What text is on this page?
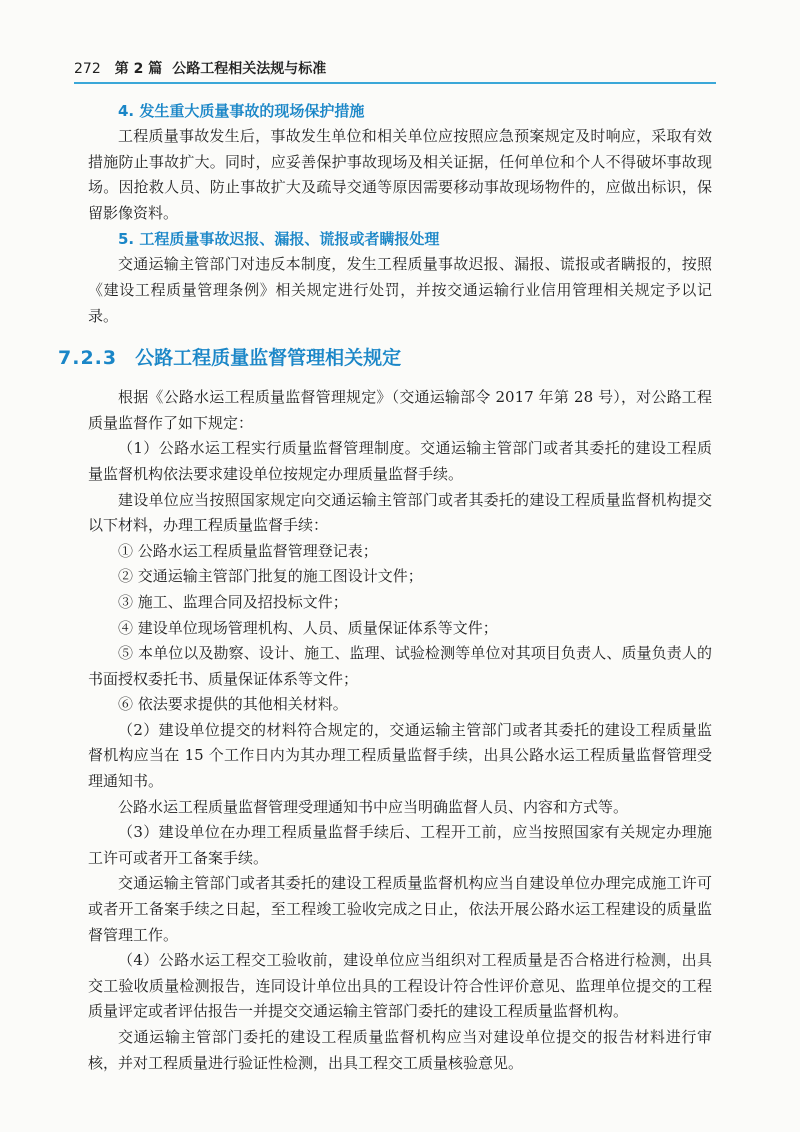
272 第 2 篇 公路工程相关法规与标准
4. 发生重大质量事故的现场保护措施

工程质量事故发生后，事故发生单位和相关单位应按照应急预案规定及时响应，采取有效措施防止事故扩大。同时，应妥善保护事故现场及相关证据，任何单位和个人不得破坏事故现场。因抢救人员、防止事故扩大及疏导交通等原因需要移动事故现场物件的，应做出标识，保留影像资料。

5. 工程质量事故迟报、漏报、谎报或者瞒报处理

交通运输主管部门对违反本制度，发生工程质量事故迟报、漏报、谎报或者瞒报的，按照《建设工程质量管理条例》相关规定进行处罚，并按交通运输行业信用管理相关规定予以记录。

7.2.3 公路工程质量监督管理相关规定

根据《公路水运工程质量监督管理规定》（交通运输部令 2017 年第 28 号），对公路工程质量监督作了如下规定：

（1）公路水运工程实行质量监督管理制度。交通运输主管部门或者其委托的建设工程质量监督机构依法要求建设单位按规定办理质量监督手续。

建设单位应当按照国家规定向交通运输主管部门或者其委托的建设工程质量监督机构提交以下材料，办理工程质量监督手续：

① 公路水运工程质量监督管理登记表；

② 交通运输主管部门批复的施工图设计文件；

③ 施工、监理合同及招投标文件；

④ 建设单位现场管理机构、人员、质量保证体系等文件；

⑤ 本单位以及勘察、设计、施工、监理、试验检测等单位对其项目负责人、质量负责人的书面授权委托书、质量保证体系等文件；

⑥ 依法要求提供的其他相关材料。

（2）建设单位提交的材料符合规定的，交通运输主管部门或者其委托的建设工程质量监督机构应当在 15 个工作日内为其办理工程质量监督手续，出具公路水运工程质量监督管理受理通知书。

公路水运工程质量监督管理受理通知书中应当明确监督人员、内容和方式等。

（3）建设单位在办理工程质量监督手续后、工程开工前，应当按照国家有关规定办理施工许可或者开工备案手续。

交通运输主管部门或者其委托的建设工程质量监督机构应当自建设单位办理完成施工许可或者开工备案手续之日起，至工程竣工验收完成之日止，依法开展公路水运工程建设的质量监督管理工作。

（4）公路水运工程交工验收前，建设单位应当组织对工程质量是否合格进行检测，出具交工验收质量检测报告，连同设计单位出具的工程设计符合性评价意见、监理单位提交的工程质量评定或者评估报告一并提交交通运输主管部门委托的建设工程质量监督机构。

交通运输主管部门委托的建设工程质量监督机构应当对建设单位提交的报告材料进行审核，并对工程质量进行验证性检测，出具工程交工质量核验意见。
